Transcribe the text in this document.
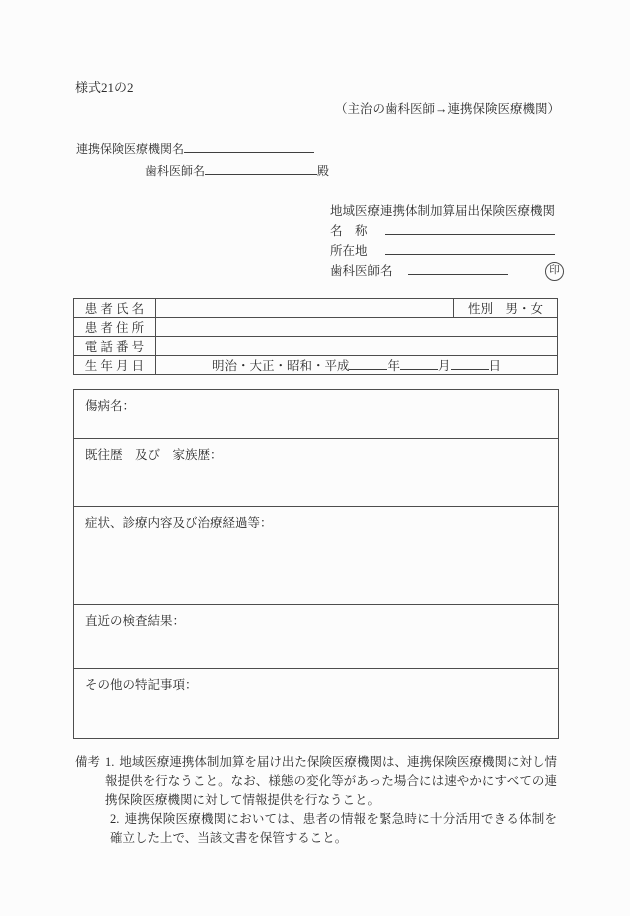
様式21の2
（主治の歯科医師→連携保険医療機関）
連携保険医療機関名
歯科医師名	殿
地域医療連携体制加算届出保険医療機関
名　称
所在地
歯科医師名	印
患 者 氏 名		性別　男・女
患 者 住 所		
電 話 番 号		
生 年 月 日	明治・大正・昭和・平成 年 月 日	
傷病名：
既往歴　及び　家族歴：
症状、診療内容及び治療経過等：
直近の検査結果：
その他の特記事項：
備考 1. 地域医療連携体制加算を届け出た保険医療機関は、連携保険医療機関に対し情報提供を行なうこと。なお、様態の変化等があった場合には速やかにすべての連携保険医療機関に対して情報提供を行なうこと。

2. 連携保険医療機関においては、患者の情報を緊急時に十分活用できる体制を確立した上で、当該文書を保管すること。
